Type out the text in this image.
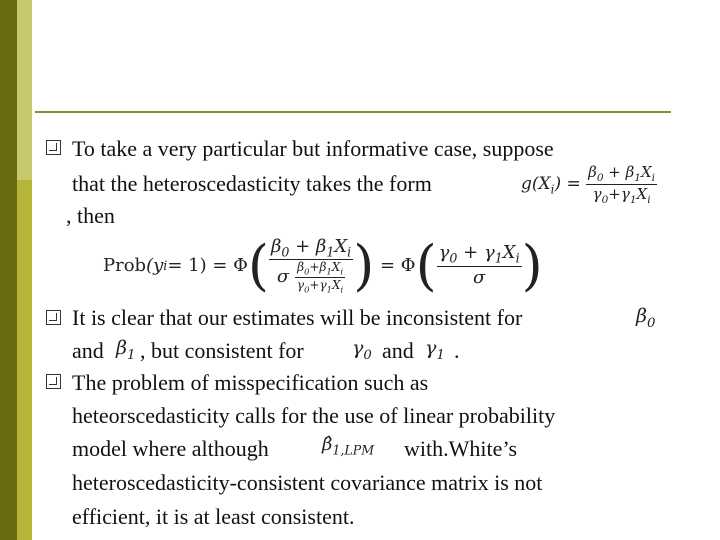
To take a very particular but informative case, suppose
that the heteroscedasticity takes the form
, then
$g(X_i) = \frac{\beta_0 + \beta_1X_i}{\gamma_0+\gamma_1X_i}$
Prob (y i = 1) = Φ ( $\frac{\beta_0 + \beta_1X_i}{\sigma \frac{\beta_0+\beta_1X_i}{\gamma_0+\gamma_1X_i}}$ ) = Φ ( $\frac{\gamma_0 + \gamma_1X_i}{\sigma}$ )
It is clear that our estimates will be inconsistent for	$\beta_0$
and $\beta_1$ , but consistent for	$\gamma_0$ and $\gamma_1$ .
The problem of misspecification such as
heteorscedasticity calls for the use of linear probability
model where although	$\betâ_{1,LPM}$ with.White’s
heteroscedasticity-consistent covariance matrix is not
efficient, it is at least consistent.
